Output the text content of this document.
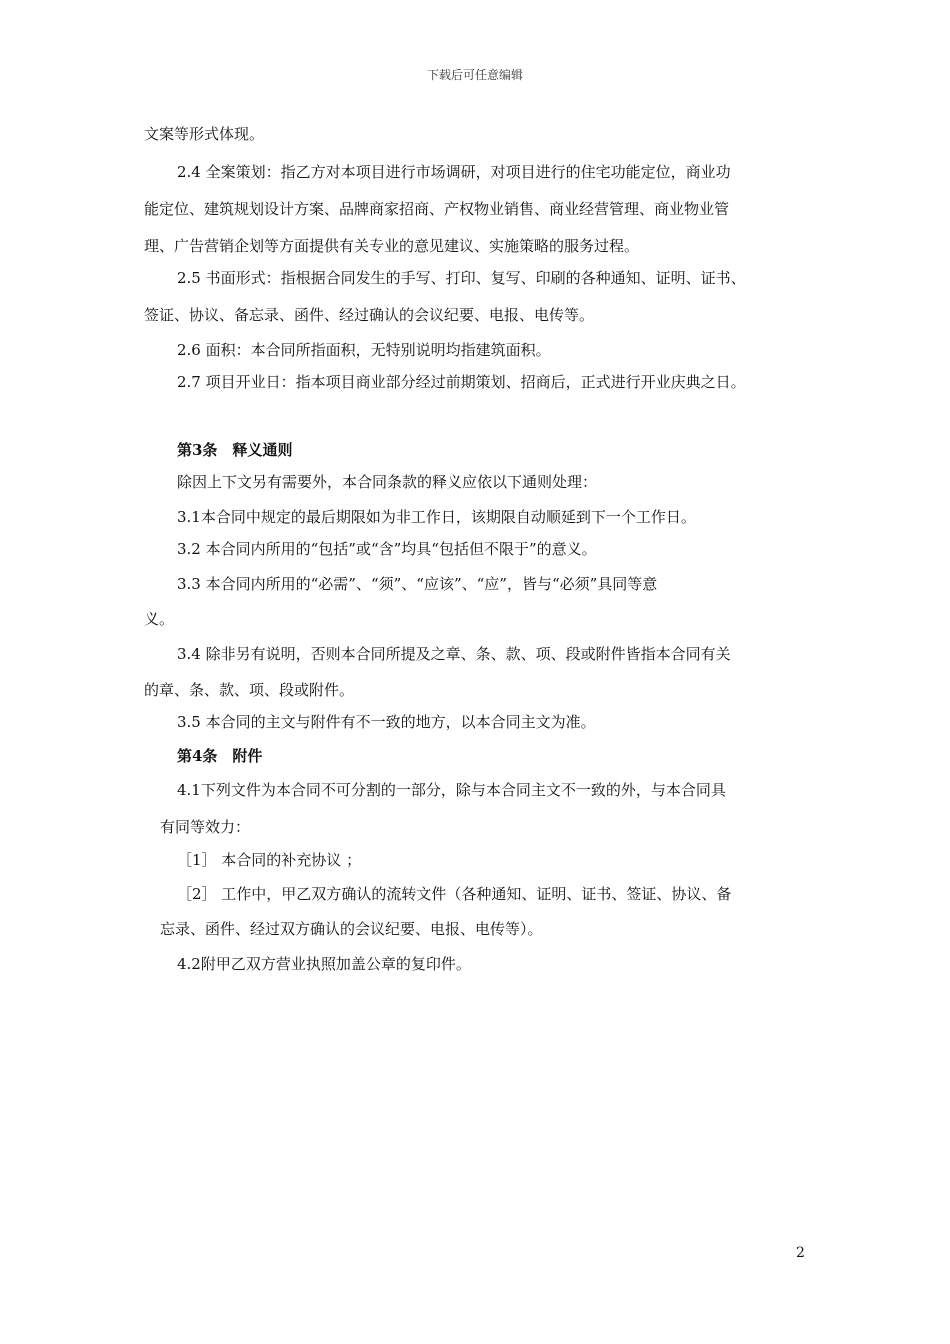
下载后可任意编辑
文案等形式体现。
2.4 全案策划：指乙方对本项目进行市场调研，对项目进行的住宅功能定位，商业功
能定位、建筑规划设计方案、品牌商家招商、产权物业销售、商业经营管理、商业物业管
理、广告营销企划等方面提供有关专业的意见建议、实施策略的服务过程。
2.5 书面形式：指根据合同发生的手写、打印、复写、印刷的各种通知、证明、证书、
签证、协议、备忘录、函件、经过确认的会议纪要、电报、电传等。
2.6 面积：本合同所指面积，无特别说明均指建筑面积。
2.7 项目开业日：指本项目商业部分经过前期策划、招商后，正式进行开业庆典之日。
第3条　释义通则
除因上下文另有需要外，本合同条款的释义应依以下通则处理：
3.1本合同中规定的最后期限如为非工作日，该期限自动顺延到下一个工作日。
3.2 本合同内所用的“包括”或“含”均具“包括但不限于”的意义。
3.3 本合同内所用的“必需”、“须”、“应该”、“应”，皆与“必须”具同等意
义。
3.4 除非另有说明，否则本合同所提及之章、条、款、项、段或附件皆指本合同有关
的章、条、款、项、段或附件。
3.5 本合同的主文与附件有不一致的地方，以本合同主文为准。
第4条　附件
4.1下列文件为本合同不可分割的一部分，除与本合同主文不一致的外，与本合同具
有同等效力：
［1］ 本合同的补充协议 ；
［2］ 工作中，甲乙双方确认的流转文件（各种通知、证明、证书、签证、协议、备
忘录、函件、经过双方确认的会议纪要、电报、电传等）。
4.2附甲乙双方营业执照加盖公章的复印件。
2
